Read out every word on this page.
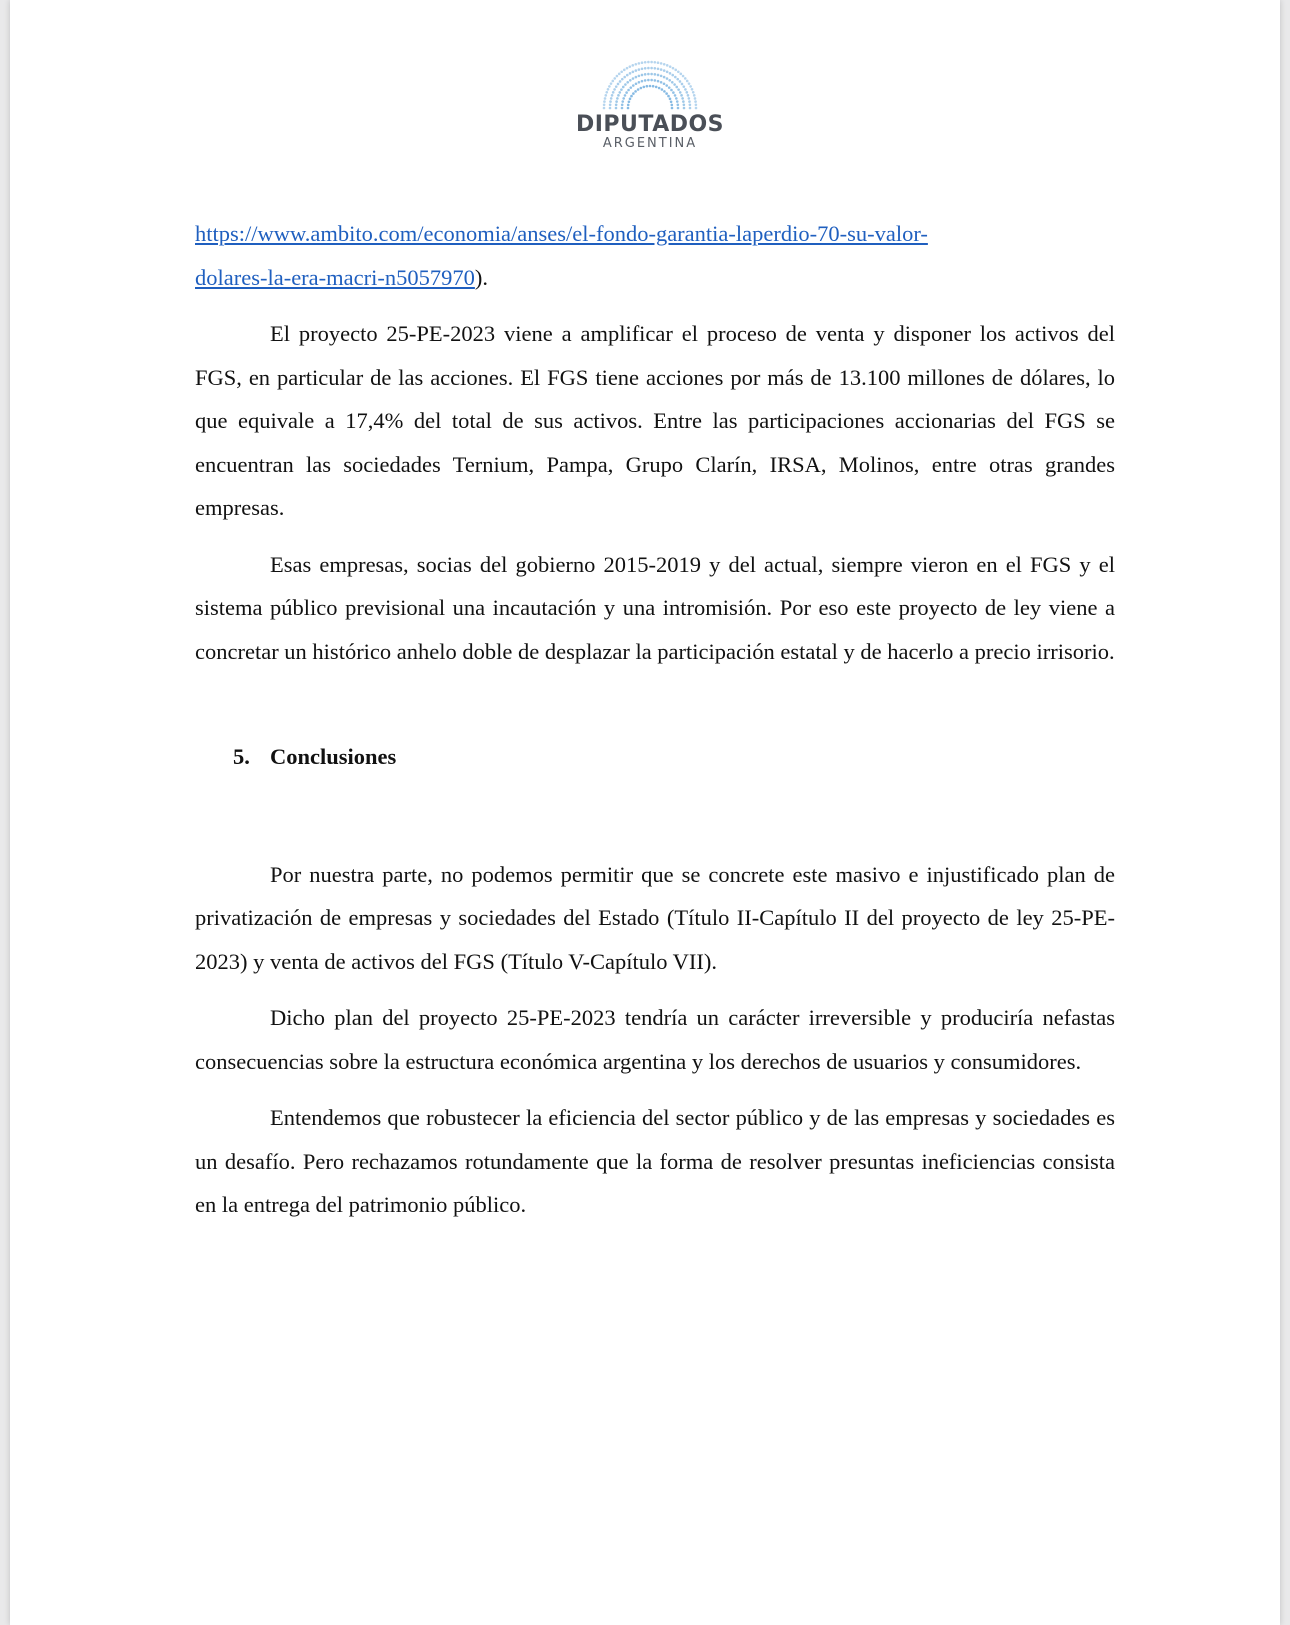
DIPUTADOS
ARGENTINA

https://www.ambito.com/economia/anses/el-fondo-garantia-laperdio-70-su-valor-
dolares-la-era-macri-n5057970).

El proyecto 25-PE-2023 viene a amplificar el proceso de venta y disponer los activos del FGS, en particular de las acciones. El FGS tiene acciones por más de 13.100 millones de dólares, lo que equivale a 17,4% del total de sus activos. Entre las participaciones accionarias del FGS se encuentran las sociedades Ternium, Pampa, Grupo Clarín, IRSA, Molinos, entre otras grandes empresas.

Esas empresas, socias del gobierno 2015-2019 y del actual, siempre vieron en el FGS y el sistema público previsional una incautación y una intromisión. Por eso este proyecto de ley viene a concretar un histórico anhelo doble de desplazar la participación estatal y de hacerlo a precio irrisorio.

5. Conclusiones

Por nuestra parte, no podemos permitir que se concrete este masivo e injustificado plan de privatización de empresas y sociedades del Estado (Título II-Capítulo II del proyecto de ley 25-PE-2023) y venta de activos del FGS (Título V-Capítulo VII).

Dicho plan del proyecto 25-PE-2023 tendría un carácter irreversible y produciría nefastas consecuencias sobre la estructura económica argentina y los derechos de usuarios y consumidores.

Entendemos que robustecer la eficiencia del sector público y de las empresas y sociedades es un desafío. Pero rechazamos rotundamente que la forma de resolver presuntas ineficiencias consista en la entrega del patrimonio público.
